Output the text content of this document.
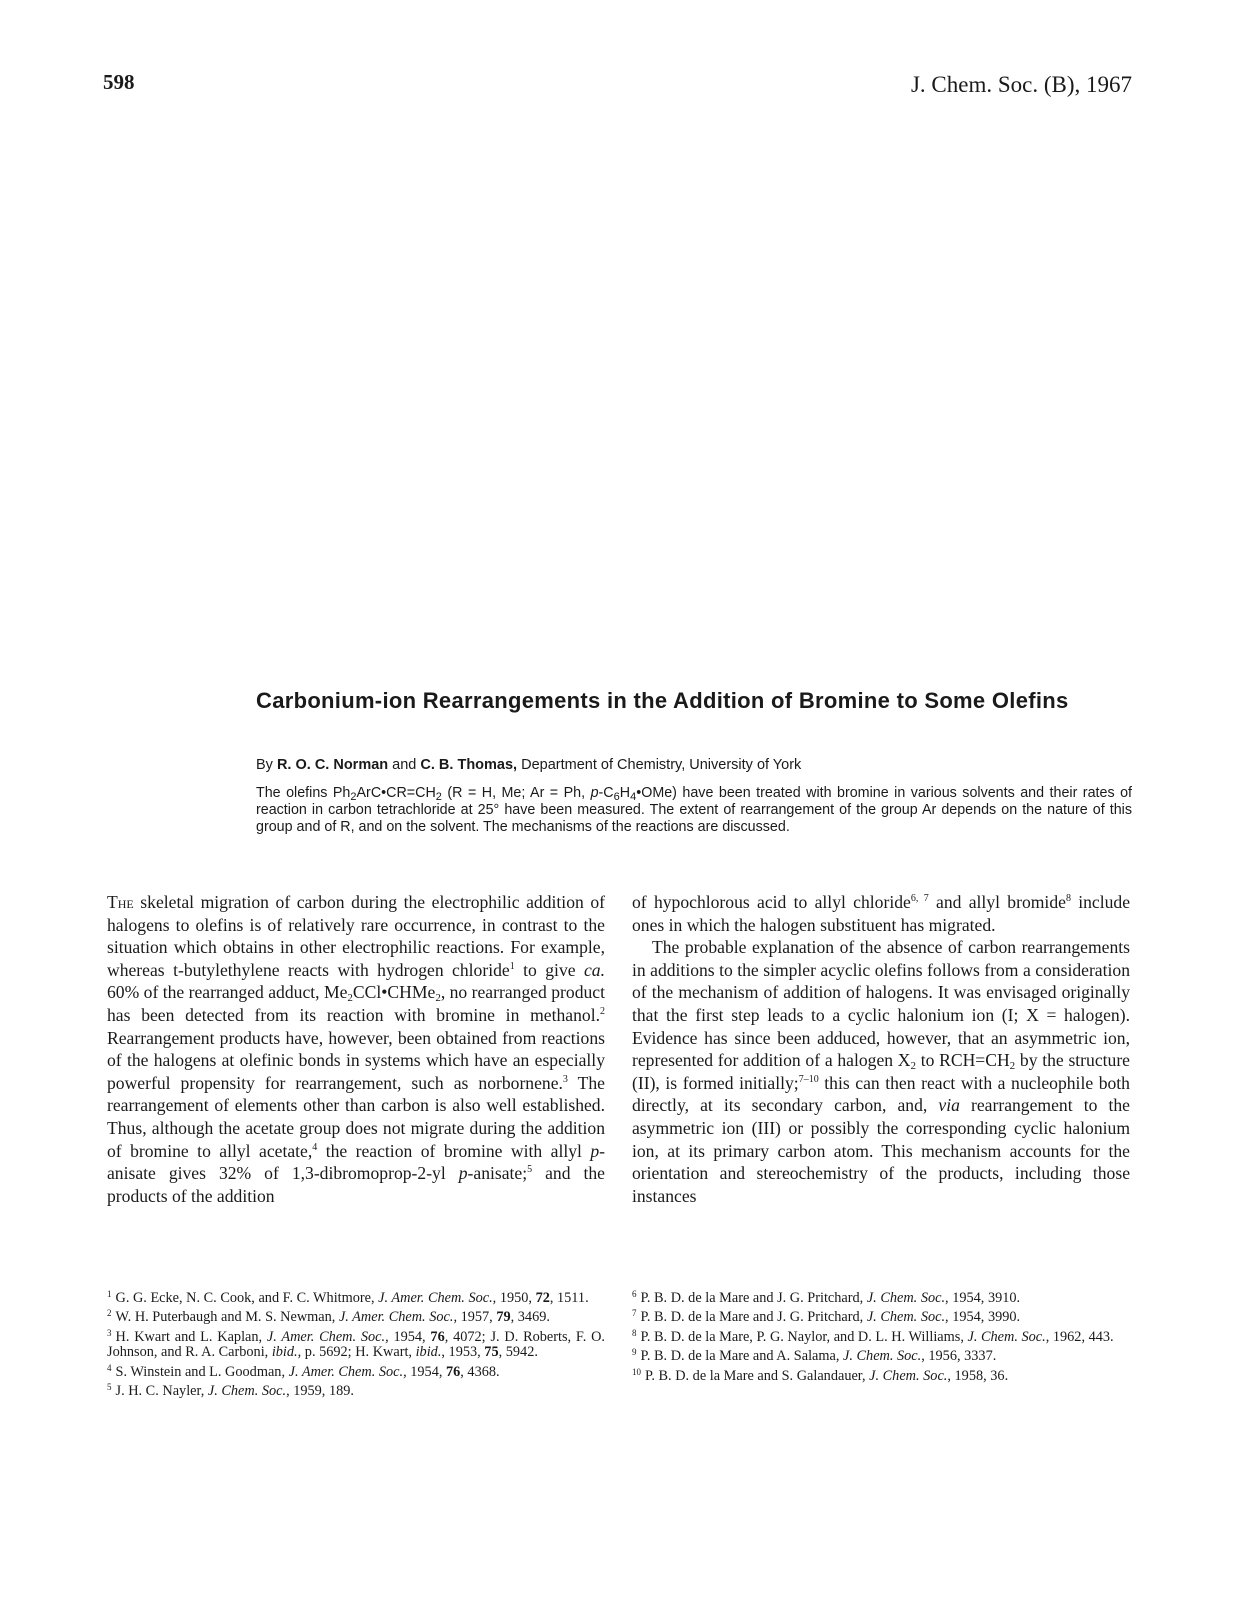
598	J. Chem. Soc. (B), 1967
Carbonium-ion Rearrangements in the Addition of Bromine to Some Olefins
By R. O. C. Norman and C. B. Thomas, Department of Chemistry, University of York
The olefins $Ph_2ArC•CR=CH_2$ (R = H, Me; Ar = Ph, $p-C_6H_4•OMe$) have been treated with bromine in various solvents and their rates of reaction in carbon tetrachloride at 25° have been measured. The extent of rearrangement of the group Ar depends on the nature of this group and of R, and on the solvent. The mechanisms of the reactions are discussed.

The skeletal migration of carbon during the electrophilic addition of halogens to olefins is of relatively rare occurrence, in contrast to the situation which obtains in other electrophilic reactions. For example, whereas t-butylethylene reacts with hydrogen chloride$^1$ to give ca. 60% of the rearranged adduct, $Me_2CCl•CHMe_2$, no rearranged product has been detected from its reaction with bromine in methanol.$^2$ Rearrangement products have, however, been obtained from reactions of the halogens at olefinic bonds in systems which have an especially powerful propensity for rearrangement, such as norbornene.$^3$ The rearrangement of elements other than carbon is also well established. Thus, although the acetate group does not migrate during the addition of bromine to allyl acetate,$^4$ the reaction of bromine with allyl p-anisate gives 32% of 1,3-dibromoprop-2-yl p-anisate;$^5$ and the products of the addition

of hypochlorous acid to allyl chloride$^{6, 7}$ and allyl bromide$^8$ include ones in which the halogen substituent has migrated.

The probable explanation of the absence of carbon rearrangements in additions to the simpler acyclic olefins follows from a consideration of the mechanism of addition of halogens. It was envisaged originally that the first step leads to a cyclic halonium ion (I; X = halogen). Evidence has since been adduced, however, that an asymmetric ion, represented for addition of a halogen $X_2$ to $RCH=CH_2$ by the structure (II), is formed initially;$^{7-10}$ this can then react with a nucleophile both directly, at its secondary carbon, and, via rearrangement to the asymmetric ion (III) or possibly the corresponding cyclic halonium ion, at its primary carbon atom. This mechanism accounts for the orientation and stereochemistry of the products, including those instances

$^1$ G. G. Ecke, N. C. Cook, and F. C. Whitmore, J. Amer. Chem. Soc., 1950, 72, 1511.
$^2$ W. H. Puterbaugh and M. S. Newman, J. Amer. Chem. Soc., 1957, 79, 3469.
$^3$ H. Kwart and L. Kaplan, J. Amer. Chem. Soc., 1954, 76, 4072; J. D. Roberts, F. O. Johnson, and R. A. Carboni, ibid., p. 5692; H. Kwart, ibid., 1953, 75, 5942.
$^4$ S. Winstein and L. Goodman, J. Amer. Chem. Soc., 1954, 76, 4368.
$^5$ J. H. C. Nayler, J. Chem. Soc., 1959, 189.
$^6$ P. B. D. de la Mare and J. G. Pritchard, J. Chem. Soc., 1954, 3910.
$^7$ P. B. D. de la Mare and J. G. Pritchard, J. Chem. Soc., 1954, 3990.
$^8$ P. B. D. de la Mare, P. G. Naylor, and D. L. H. Williams, J. Chem. Soc., 1962, 443.
$^9$ P. B. D. de la Mare and A. Salama, J. Chem. Soc., 1956, 3337.
$^{10}$ P. B. D. de la Mare and S. Galandauer, J. Chem. Soc., 1958, 36.
